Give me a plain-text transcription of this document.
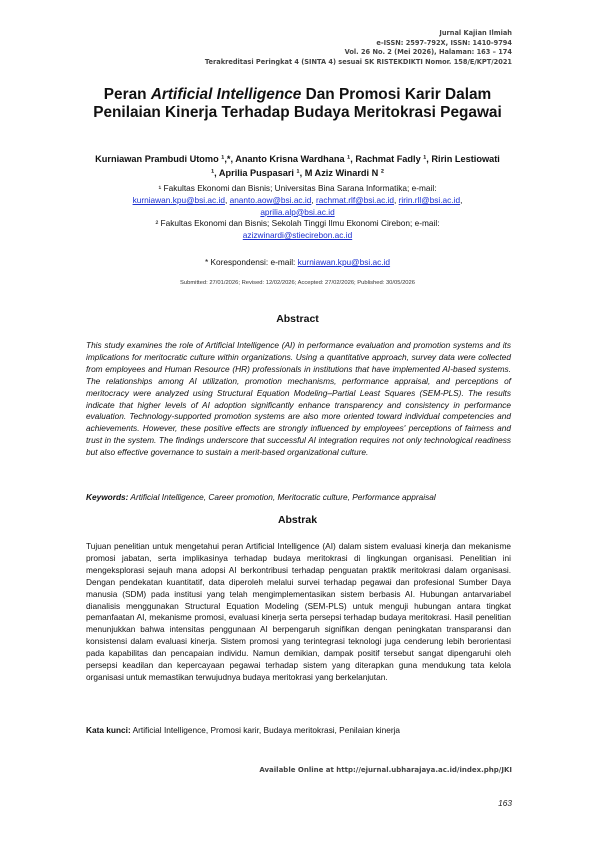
Jurnal Kajian Ilmiah
e-ISSN: 2597-792X, ISSN: 1410-9794
Vol. 26 No. 2 (Mei 2026), Halaman: 163 – 174
Terakreditasi Peringkat 4 (SINTA 4) sesuai SK RISTEKDIKTI Nomor. 158/E/KPT/2021
Peran Artificial Intelligence Dan Promosi Karir Dalam Penilaian Kinerja Terhadap Budaya Meritokrasi Pegawai
Kurniawan Prambudi Utomo ¹,*, Ananto Krisna Wardhana ¹, Rachmat Fadly ¹, Ririn Lestiowati ¹, Aprilia Puspasari ¹, M Aziz Winardi N ²
¹ Fakultas Ekonomi dan Bisnis; Universitas Bina Sarana Informatika; e-mail:
kurniawan.kpu@bsi.ac.id, ananto.aow@bsi.ac.id, rachmat.rlf@bsi.ac.id, ririn.rll@bsi.ac.id,
aprilia.alp@bsi.ac.id
² Fakultas Ekonomi dan Bisnis; Sekolah Tinggi Ilmu Ekonomi Cirebon; e-mail:
azizwinardi@stiecirebon.ac.id
* Korespondensi: e-mail: kurniawan.kpu@bsi.ac.id
Submitted: 27/01/2026; Revised: 12/02/2026; Accepted: 27/02/2026; Published: 30/05/2026
Abstract
This study examines the role of Artificial Intelligence (AI) in performance evaluation and promotion systems and its implications for meritocratic culture within organizations. Using a quantitative approach, survey data were collected from employees and Human Resource (HR) professionals in institutions that have implemented AI-based systems. The relationships among AI utilization, promotion mechanisms, performance appraisal, and perceptions of meritocracy were analyzed using Structural Equation Modeling–Partial Least Squares (SEM-PLS). The results indicate that higher levels of AI adoption significantly enhance transparency and consistency in performance evaluation. Technology-supported promotion systems are also more oriented toward individual competencies and achievements. However, these positive effects are strongly influenced by employees' perceptions of fairness and trust in the system. The findings underscore that successful AI integration requires not only technological readiness but also effective governance to sustain a merit-based organizational culture.
Keywords: Artificial Intelligence, Career promotion, Meritocratic culture, Performance appraisal
Abstrak
Tujuan penelitian untuk mengetahui peran Artificial Intelligence (AI) dalam sistem evaluasi kinerja dan mekanisme promosi jabatan, serta implikasinya terhadap budaya meritokrasi di lingkungan organisasi. Penelitian ini mengeksplorasi sejauh mana adopsi AI berkontribusi terhadap penguatan praktik meritokrasi dalam organisasi. Dengan pendekatan kuantitatif, data diperoleh melalui survei terhadap pegawai dan profesional Sumber Daya manusia (SDM) pada institusi yang telah mengimplementasikan sistem berbasis AI. Hubungan antarvariabel dianalisis menggunakan Structural Equation Modeling (SEM-PLS) untuk menguji hubungan antara tingkat pemanfaatan AI, mekanisme promosi, evaluasi kinerja serta persepsi terhadap budaya meritokrasi. Hasil penelitian menunjukkan bahwa intensitas penggunaan AI berpengaruh signifikan dengan peningkatan transparansi dan konsistensi dalam evaluasi kinerja. Sistem promosi yang terintegrasi teknologi juga cenderung lebih berorientasi pada kapabilitas dan pencapaian individu. Namun demikian, dampak positif tersebut sangat dipengaruhi oleh persepsi keadilan dan kepercayaan pegawai terhadap sistem yang diterapkan guna mendukung tata kelola organisasi untuk memastikan terwujudnya budaya meritokrasi yang berkelanjutan.
Kata kunci: Artificial Intelligence, Promosi karir, Budaya meritokrasi, Penilaian kinerja
Available Online at http://ejurnal.ubharajaya.ac.id/index.php/JKI
163
